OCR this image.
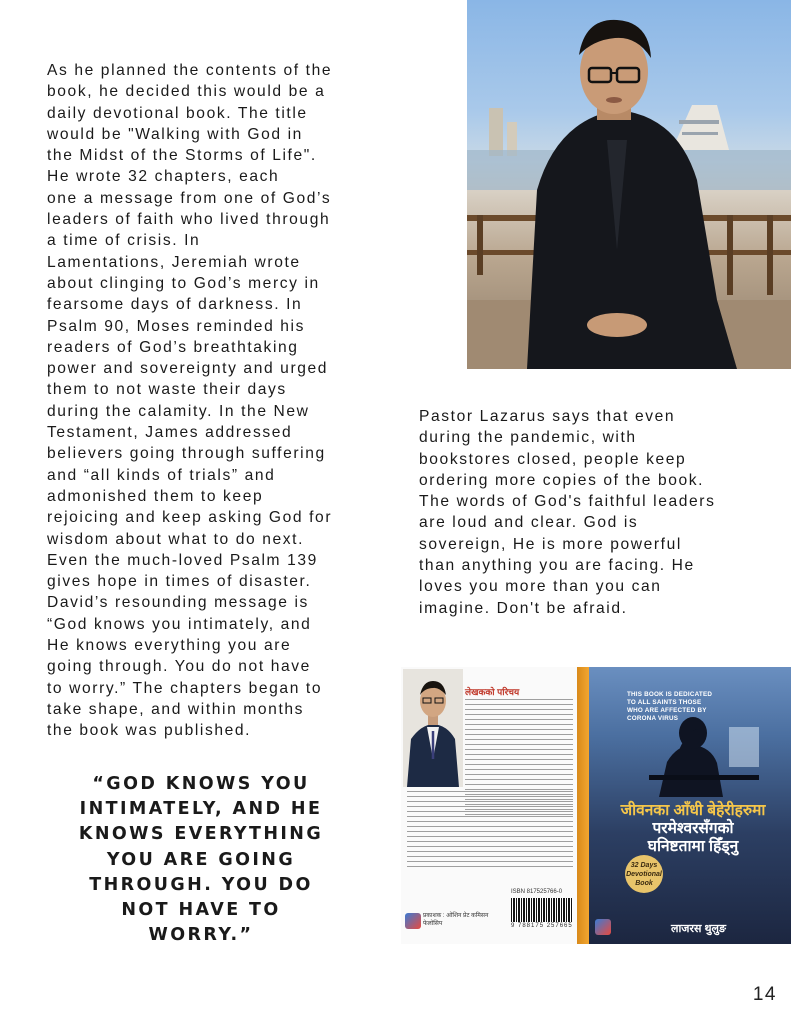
As he planned the contents of the
book, he decided this would be a
daily devotional book. The title
would be "Walking with God in
the Midst of the Storms of Life".
He wrote 32 chapters, each
one a message from one of God’s
leaders of faith who lived through
a time of crisis. In
Lamentations, Jeremiah wrote
about clinging to God’s mercy in
fearsome days of darkness. In
Psalm 90, Moses reminded his
readers of God’s breathtaking
power and sovereignty and urged
them to not waste their days
during the calamity. In the New
Testament, James addressed
believers going through suffering
and “all kinds of trials” and
admonished them to keep
rejoicing and keep asking God for
wisdom about what to do next.
Even the much-loved Psalm 139
gives hope in times of disaster.
David’s resounding message is
“God knows you intimately, and
He knows everything you are
going through. You do not have
to worry.” The chapters began to
take shape, and within months
the book was published.

Pastor Lazarus says that even
during the pandemic, with
bookstores closed, people keep
ordering more copies of the book.
The words of God's faithful leaders
are loud and clear. God is
sovereign, He is more powerful
than anything you are facing. He
loves you more than you can
imagine. Don't be afraid.

“GOD KNOWS YOU
INTIMATELY, AND HE
KNOWS EVERYTHING
YOU ARE GOING
THROUGH. YOU DO
NOT HAVE TO
WORRY.”

लेखकको परिचय
ISBN 817525766-0
9 788175 257665
प्रकाशक : ओशिन प्रेट कमिसन फेलोसिप
THIS BOOK IS DEDICATED TO ALL SAINTS THOSE WHO ARE AFFECTED BY CORONA VIRUS
जीवनका आँधी बेहेरीहरुमा
परमेश्वरसँगको
घनिष्टतामा हिँड्नु
32 Days Devotional Book
लाजरस थुलुङ
14
